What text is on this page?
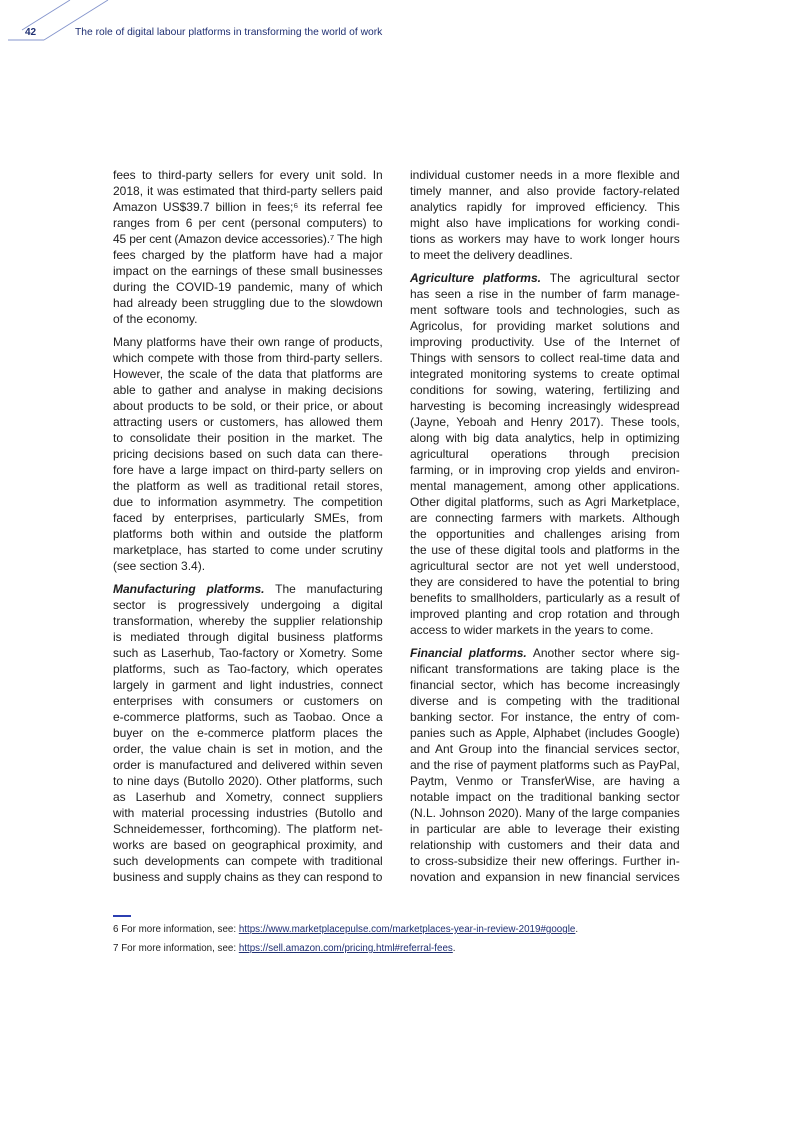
42	The role of digital labour platforms in transforming the world of work
fees to third-party sellers for every unit sold. In
2018, it was estimated that third-party sellers paid
Amazon US$39.7 billion in fees;⁶ its referral fee
ranges from 6 per cent (personal computers) to
45 per cent (Amazon device accessories).⁷ The high
fees charged by the platform have had a major
impact on the earnings of these small businesses
during the COVID-19 pandemic, many of which
had already been struggling due to the slowdown
of the economy.
Many platforms have their own range of products,
which compete with those from third-party sellers.
However, the scale of the data that platforms are
able to gather and analyse in making decisions
about products to be sold, or their price, or about
attracting users or customers, has allowed them
to consolidate their position in the market. The
pricing decisions based on such data can there-
fore have a large impact on third-party sellers on
the platform as well as traditional retail stores,
due to information asymmetry. The competition
faced by enterprises, particularly SMEs, from
platforms both within and outside the platform
marketplace, has started to come under scrutiny
(see section 3.4).
Manufacturing platforms. The manufacturing
sector is progressively undergoing a digital
transformation, whereby the supplier relationship
is mediated through digital business platforms
such as Laserhub, Tao-factory or Xometry. Some
platforms, such as Tao-factory, which operates
largely in garment and light industries, connect
enterprises with consumers or customers on
e-commerce platforms, such as Taobao. Once a
buyer on the e-commerce platform places the
order, the value chain is set in motion, and the
order is manufactured and delivered within seven
to nine days (Butollo 2020). Other platforms, such
as Laserhub and Xometry, connect suppliers
with material processing industries (Butollo and
Schneidemesser, forthcoming). The platform net-
works are based on geographical proximity, and
such developments can compete with traditional
business and supply chains as they can respond to
individual customer needs in a more flexible and
timely manner, and also provide factory-related
analytics rapidly for improved efficiency. This
might also have implications for working condi-
tions as workers may have to work longer hours
to meet the delivery deadlines.
Agriculture platforms. The agricultural sector
has seen a rise in the number of farm manage-
ment software tools and technologies, such as
Agricolus, for providing market solutions and
improving productivity. Use of the Internet of
Things with sensors to collect real-time data and
integrated monitoring systems to create optimal
conditions for sowing, watering, fertilizing and
harvesting is becoming increasingly widespread
(Jayne, Yeboah and Henry 2017). These tools,
along with big data analytics, help in optimizing
agricultural operations through precision
farming, or in improving crop yields and environ-
mental management, among other applications.
Other digital platforms, such as Agri Marketplace,
are connecting farmers with markets. Although
the opportunities and challenges arising from
the use of these digital tools and platforms in the
agricultural sector are not yet well understood,
they are considered to have the potential to bring
benefits to smallholders, particularly as a result of
improved planting and crop rotation and through
access to wider markets in the years to come.
Financial platforms. Another sector where sig-
nificant transformations are taking place is the
financial sector, which has become increasingly
diverse and is competing with the traditional
banking sector. For instance, the entry of com-
panies such as Apple, Alphabet (includes Google)
and Ant Group into the financial services sector,
and the rise of payment platforms such as PayPal,
Paytm, Venmo or TransferWise, are having a
notable impact on the traditional banking sector
(N.L. Johnson 2020). Many of the large companies
in particular are able to leverage their existing
relationship with customers and their data and
to cross-subsidize their new offerings. Further in-
novation and expansion in new financial services
6 For more information, see: https://www.marketplacepulse.com/marketplaces-year-in-review-2019#google.
7 For more information, see: https://sell.amazon.com/pricing.html#referral-fees.
